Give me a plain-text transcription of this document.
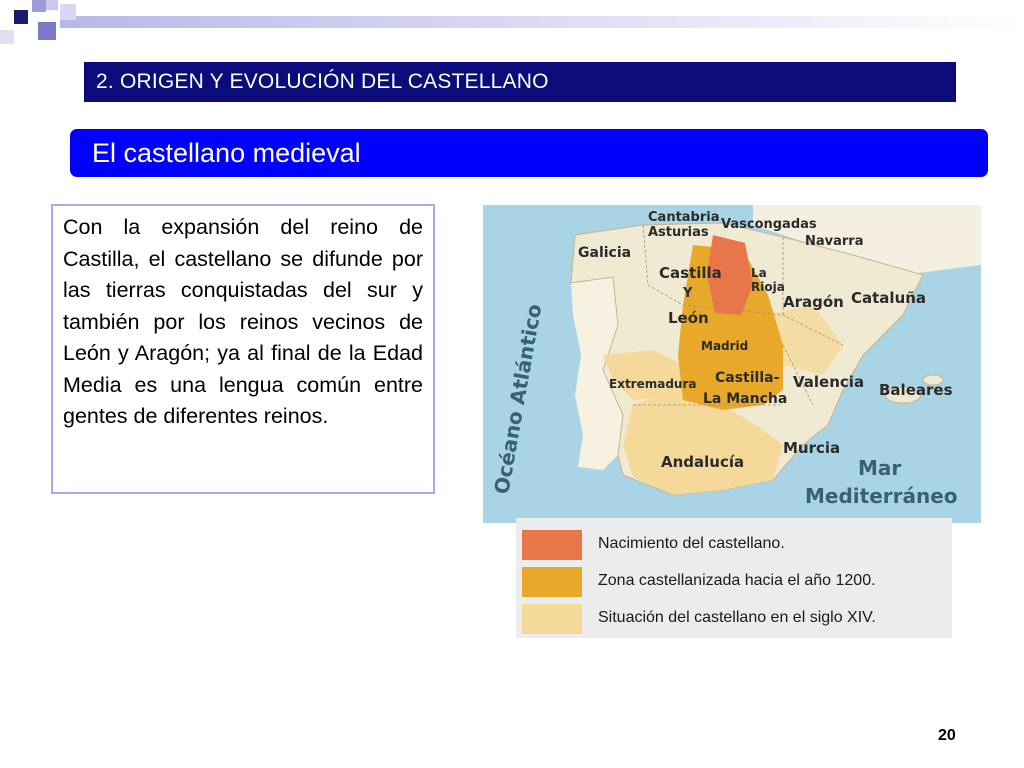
2. ORIGEN Y EVOLUCIÓN DEL CASTELLANO
El castellano medieval

Con la expansión del reino de Castilla, el castellano se difunde por las tierras conquistadas del sur y también por los reinos vecinos de León y Aragón; ya al final de la Edad Media es una lengua común entre gentes de diferentes reinos.	Océano Atlántico	Mar
Mediterráneo
Cantabria
Asturias
Vascongadas
Navarra
Galicia
Castilla
Y
León
La
Rioja
Aragón Cataluña
Madrid
Extremadura Castilla-
La Mancha
Valencia Baleares
Murcia
Andalucía
Nacimiento del castellano.
Zona castellanizada hacia el año 1200.
Situación del castellano en el siglo XIV.
20
